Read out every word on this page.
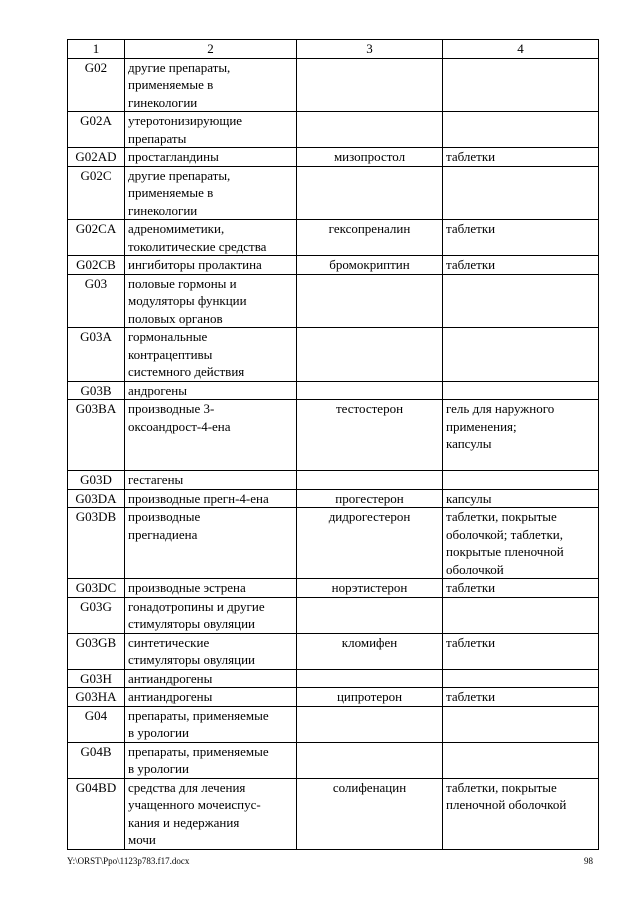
1	2	3	4
G02	другие препараты,
применяемые в
гинекологии		
G02A	утеротонизирующие
препараты		
G02AD	простагландины	мизопростол	таблетки
G02C	другие препараты,
применяемые в
гинекологии		
G02CA	адреномиметики,
токолитические средства	гексопреналин	таблетки
G02CB	ингибиторы пролактина	бромокриптин	таблетки
G03	половые гормоны и
модуляторы функции
половых органов		
G03A	гормональные
контрацептивы
системного действия		
G03B	андрогены		
G03BA	производные 3-
оксоандрост-4-ена	тестостерон	гель для наружного
применения;
капсулы

G03D	гестагены		
G03DA	производные прегн-4-ена	прогестерон	капсулы
G03DB	производные
прегнадиена	дидрогестерон	таблетки, покрытые
оболочкой; таблетки,
покрытые пленочной
оболочкой
G03DC	производные эстрена	норэтистерон	таблетки
G03G	гонадотропины и другие
стимуляторы овуляции		
G03GB	синтетические
стимуляторы овуляции	кломифен	таблетки
G03H	антиандрогены		
G03HA	антиандрогены	ципротерон	таблетки
G04	препараты, применяемые
в урологии		
G04B	препараты, применяемые
в урологии		
G04BD	средства для лечения
учащенного мочеиспус-
кания и недержания
мочи	солифенацин	таблетки, покрытые
пленочной оболочкой
Y:\ORST\Ppo\1123p783.f17.docx	98
